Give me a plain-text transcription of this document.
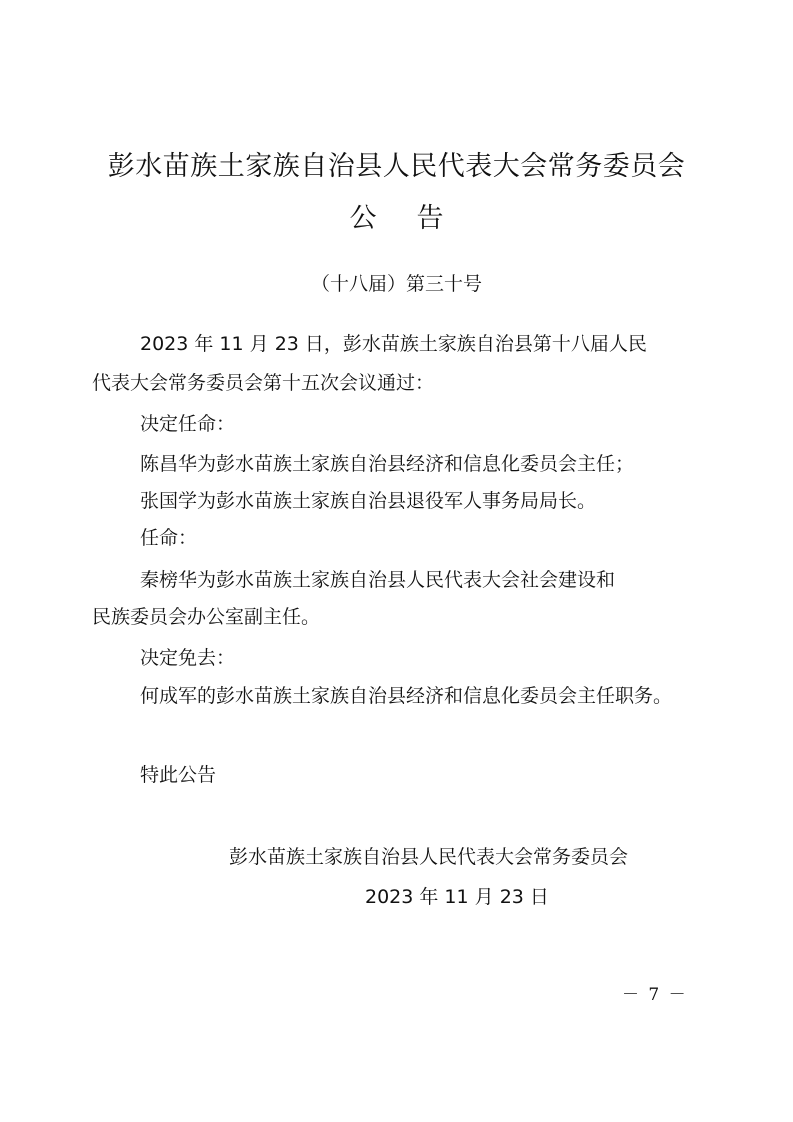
彭水苗族土家族自治县人民代表大会常务委员会
公告
（十八届）第三十号
2023 年 11 月 23 日，彭水苗族土家族自治县第十八届人民
代表大会常务委员会第十五次会议通过：
决定任命：
陈昌华为彭水苗族土家族自治县经济和信息化委员会主任；
张国学为彭水苗族土家族自治县退役军人事务局局长。
任命：
秦榜华为彭水苗族土家族自治县人民代表大会社会建设和
民族委员会办公室副主任。
决定免去：
何成军的彭水苗族土家族自治县经济和信息化委员会主任职务。
特此公告
彭水苗族土家族自治县人民代表大会常务委员会
2023 年 11 月 23 日
－ 7 －
